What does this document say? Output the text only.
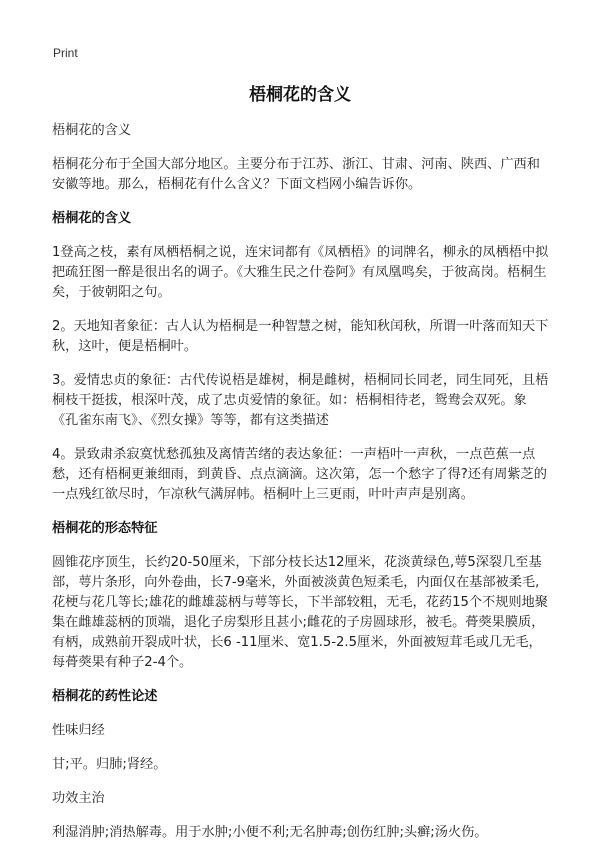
Print
梧桐花的含义

梧桐花的含义

梧桐花分布于全国大部分地区。主要分布于江苏、浙江、甘肃、河南、陕西、广西和安徽等地。那么，梧桐花有什么含义？下面文档网小编告诉你。

梧桐花的含义

1登高之枝，素有凤栖梧桐之说，连宋词都有《凤栖梧》的词牌名，柳永的凤栖梧中拟把疏狂图一醉是很出名的调子。《大雅生民之什卷阿》有凤凰鸣矣，于彼高岗。梧桐生矣，于彼朝阳之句。

2。天地知者象征：古人认为梧桐是一种智慧之树，能知秋闰秋，所谓一叶落而知天下秋，这叶，便是梧桐叶。

3。爱情忠贞的象征：古代传说梧是雄树，桐是雌树，梧桐同长同老，同生同死，且梧桐枝干挺拔，根深叶茂，成了忠贞爱情的象征。如：梧桐相待老，鸳鸯会双死。象《孔雀东南飞》、《烈女操》等等，都有这类描述

4。景致肃杀寂寞忧愁孤独及离情苦绪的表达象征：一声梧叶一声秋，一点芭蕉一点愁，还有梧桐更兼细雨，到黄昏、点点滴滴。这次第，怎一个愁字了得?还有周紫芝的一点残红欲尽时，乍凉秋气满屏帏。梧桐叶上三更雨，叶叶声声是别离。

梧桐花的形态特征

圆锥花序顶生，长约20-50厘米，下部分枝长达12厘米，花淡黄绿色,萼5深裂几至基部，萼片条形，向外卷曲，长7-9毫米，外面被淡黄色短柔毛，内面仅在基部被柔毛,花梗与花几等长;雄花的雌雄蕊柄与萼等长，下半部较粗，无毛，花药15个不规则地聚集在雌雄蕊柄的顶端，退化子房梨形且甚小;雌花的子房圆球形，被毛。蓇葖果膜质，有柄，成熟前开裂成叶状，长6 -11厘米、宽1.5-2.5厘米，外面被短茸毛或几无毛，每蓇葖果有种子2-4个。

梧桐花的药性论述

性味归经

甘;平。归肺;肾经。

功效主治

利湿消肿;消热解毒。用于水肿;小便不利;无名肿毒;创伤红肿;头癣;汤火伤。
